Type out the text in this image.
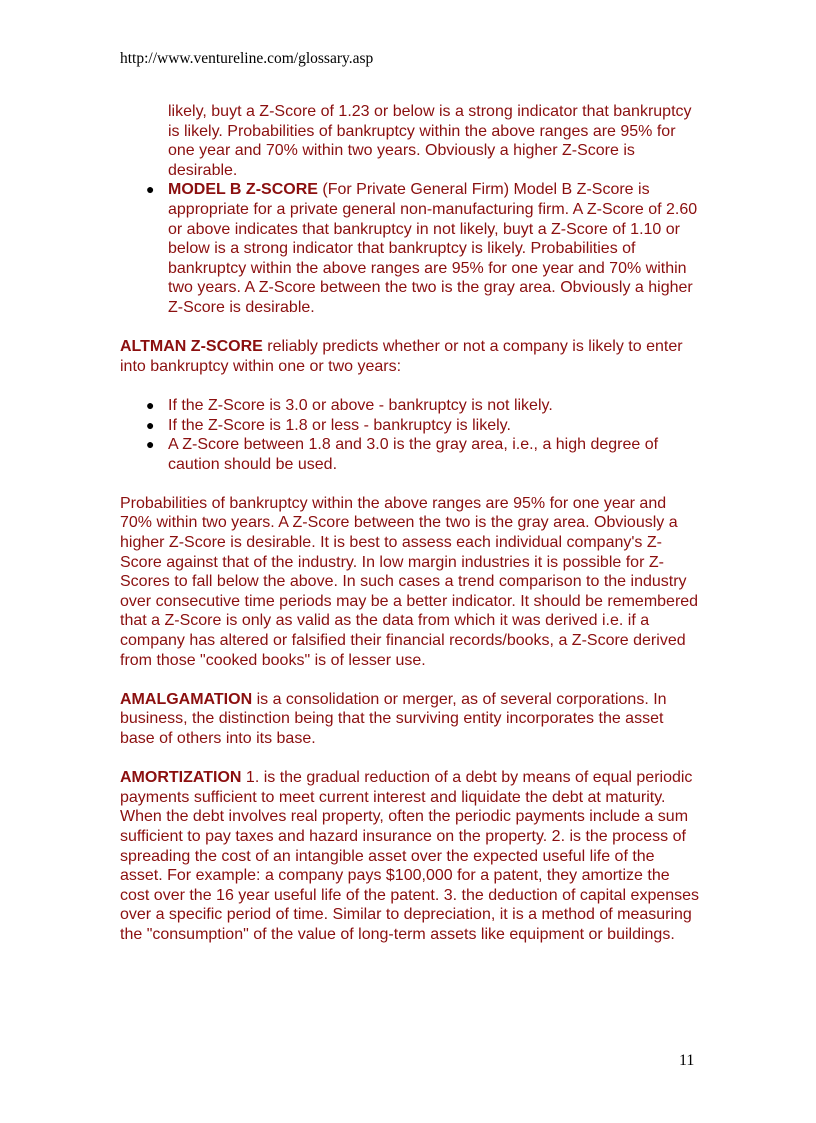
http://www.ventureline.com/glossary.asp
likely, buyt a Z-Score of 1.23 or below is a strong indicator that bankruptcy is likely. Probabilities of bankruptcy within the above ranges are 95% for one year and 70% within two years. Obviously a higher Z-Score is desirable.
● MODEL B Z-SCORE (For Private General Firm) Model B Z-Score is appropriate for a private general non-manufacturing firm. A Z-Score of 2.60 or above indicates that bankruptcy in not likely, buyt a Z-Score of 1.10 or below is a strong indicator that bankruptcy is likely. Probabilities of bankruptcy within the above ranges are 95% for one year and 70% within two years. A Z-Score between the two is the gray area. Obviously a higher Z-Score is desirable.

ALTMAN Z-SCORE reliably predicts whether or not a company is likely to enter into bankruptcy within one or two years:

● If the Z-Score is 3.0 or above - bankruptcy is not likely.
● If the Z-Score is 1.8 or less - bankruptcy is likely.
● A Z-Score between 1.8 and 3.0 is the gray area, i.e., a high degree of caution should be used.

Probabilities of bankruptcy within the above ranges are 95% for one year and 70% within two years. A Z-Score between the two is the gray area. Obviously a higher Z-Score is desirable. It is best to assess each individual company's Z-Score against that of the industry. In low margin industries it is possible for Z-Scores to fall below the above. In such cases a trend comparison to the industry over consecutive time periods may be a better indicator. It should be remembered that a Z-Score is only as valid as the data from which it was derived i.e. if a company has altered or falsified their financial records/books, a Z-Score derived from those "cooked books" is of lesser use.

AMALGAMATION is a consolidation or merger, as of several corporations. In business, the distinction being that the surviving entity incorporates the asset base of others into its base.

AMORTIZATION 1. is the gradual reduction of a debt by means of equal periodic payments sufficient to meet current interest and liquidate the debt at maturity. When the debt involves real property, often the periodic payments include a sum sufficient to pay taxes and hazard insurance on the property. 2. is the process of spreading the cost of an intangible asset over the expected useful life of the asset. For example: a company pays $100,000 for a patent, they amortize the cost over the 16 year useful life of the patent. 3. the deduction of capital expenses over a specific period of time. Similar to depreciation, it is a method of measuring the "consumption" of the value of long-term assets like equipment or buildings.

11
